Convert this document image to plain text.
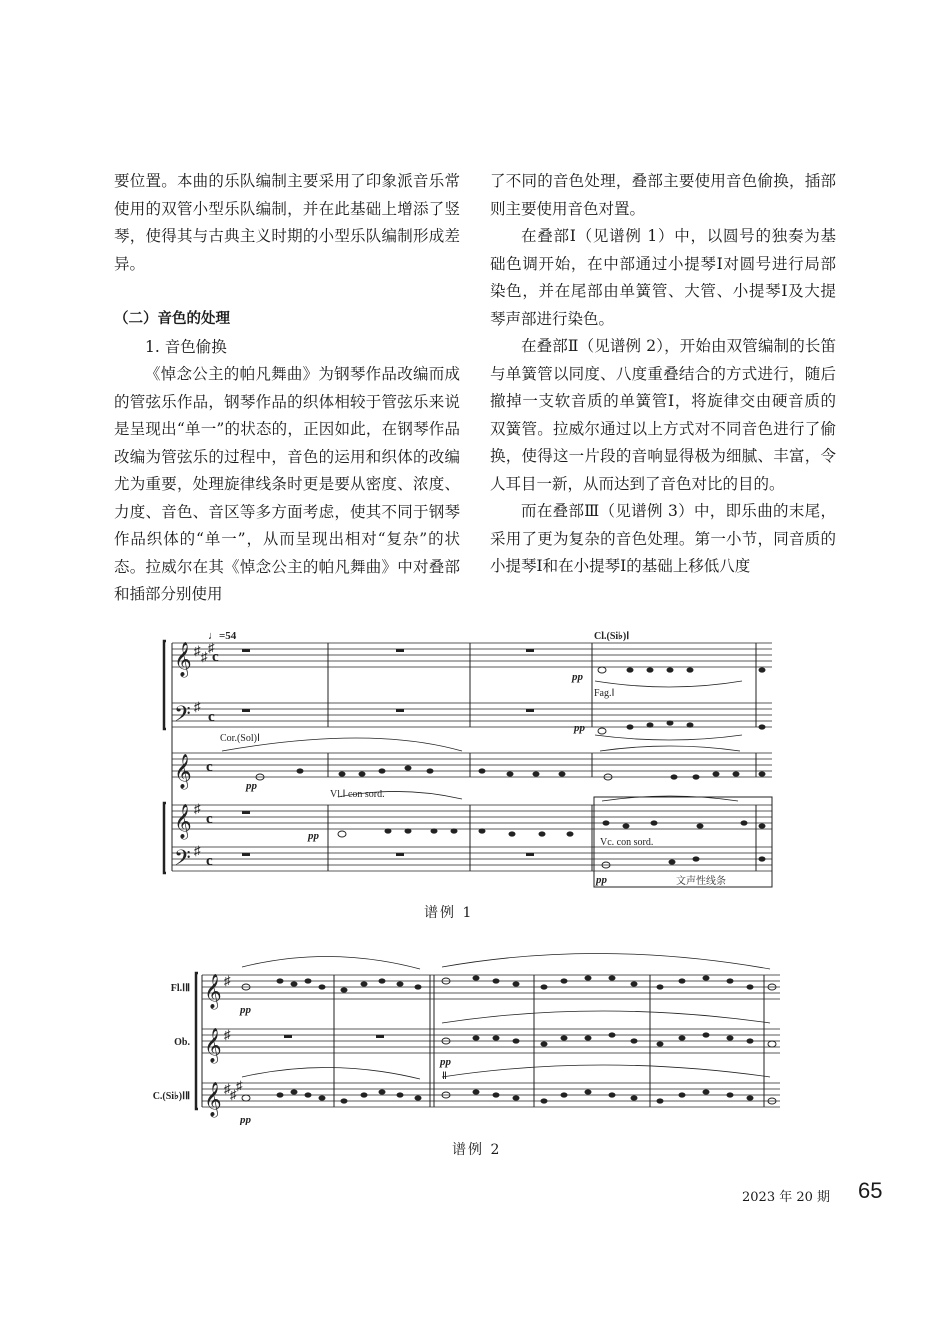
要位置。本曲的乐队编制主要采用了印象派音乐常使用的双管小型乐队编制，并在此基础上增添了竖琴，使得其与古典主义时期的小型乐队编制形成差异。

（二）音色的处理

1. 音色偷换

《悼念公主的帕凡舞曲》为钢琴作品改编而成的管弦乐作品，钢琴作品的织体相较于管弦乐来说是呈现出“单一”的状态的，正因如此，在钢琴作品改编为管弦乐的过程中，音色的运用和织体的改编尤为重要，处理旋律线条时更是要从密度、浓度、力度、音色、音区等多方面考虑，使其不同于钢琴作品织体的“单一”，从而呈现出相对“复杂”的状态。拉威尔在其《悼念公主的帕凡舞曲》中对叠部和插部分别使用

了不同的音色处理，叠部主要使用音色偷换，插部则主要使用音色对置。

在叠部Ⅰ（见谱例 1）中，以圆号的独奏为基础色调开始，在中部通过小提琴Ⅰ对圆号进行局部染色，并在尾部由单簧管、大管、小提琴Ⅰ及大提琴声部进行染色。

在叠部Ⅱ（见谱例 2），开始由双管编制的长笛与单簧管以同度、八度重叠结合的方式进行，随后撤掉一支软音质的单簧管Ⅰ，将旋律交由硬音质的双簧管。拉威尔通过以上方式对不同音色进行了偷换，使得这一片段的音响显得极为细腻、丰富，令人耳目一新，从而达到了音色对比的目的。

而在叠部Ⅲ（见谱例 3）中，即乐曲的末尾，采用了更为复杂的音色处理。第一小节，同音质的小提琴Ⅰ和在小提琴Ⅰ的基础上移低八度

𝄞
𝄢
𝄞
𝄞
𝄢
♯ ♯
♯
♯
♯
♯
c
c
c
c
c
♩=54	Cl.(Si♭)Ⅰ
Fag.Ⅰ
Cor.(Sol)Ⅰ
Vl.Ⅰ con sord.
Vc. con sord.
pp
pp
pp
pp
pp	文声性线条
谱例 1
𝄞
𝄞
𝄞
♯
♯
♯ ♯
♯
Fl.ⅠⅡ
Ob.
C.(Si♭)ⅠⅡ
Ⅱ
pp
pp
pp
谱例 2
2023 年 20 期 65
